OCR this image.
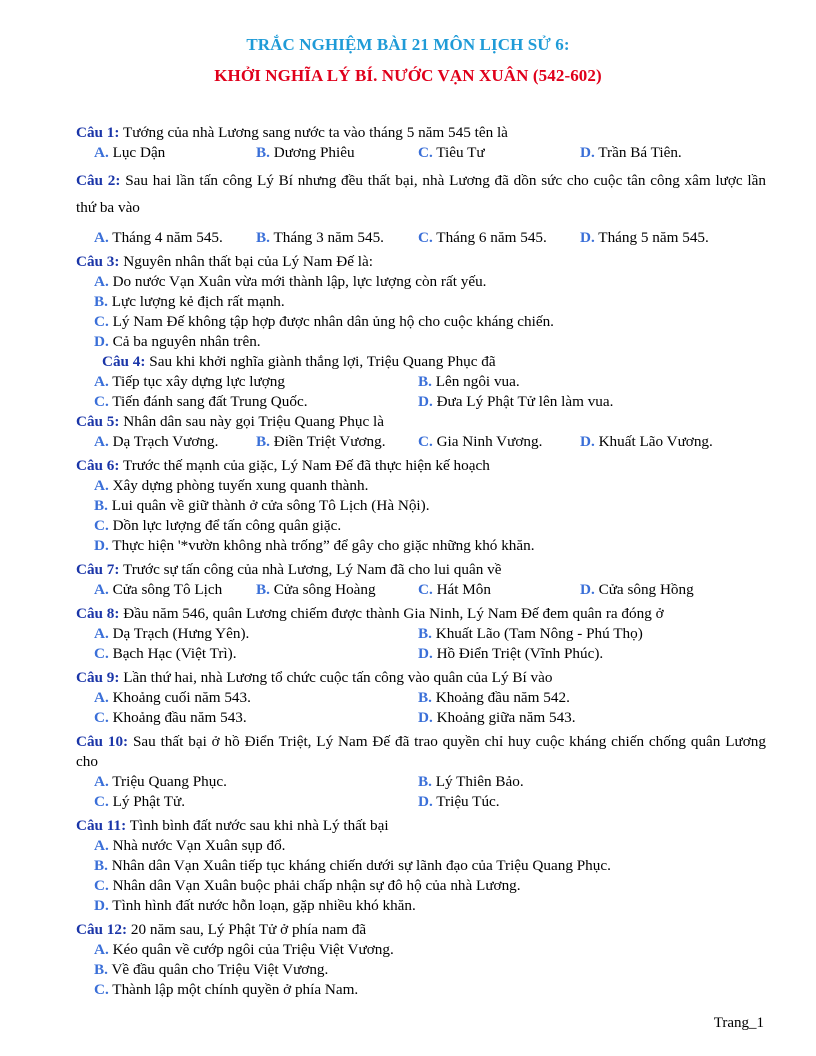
TRẮC NGHIỆM BÀI 21 MÔN LỊCH SỬ 6:
KHỞI NGHĨA LÝ BÍ. NƯỚC VẠN XUÂN (542-602)
Câu 1: Tướng của nhà Lương sang nước ta vào tháng 5 năm 545 tên là
A. Lục Dận	B. Dương Phiêu	C. Tiêu Tư	D. Trần Bá Tiên.
Câu 2: Sau hai lần tấn công Lý Bí nhưng đều thất bại, nhà Lương đã dồn sức cho cuộc tân công xâm lược lần thứ ba vào
A. Tháng 4 năm 545.	B. Tháng 3 năm 545.	C. Tháng 6 năm 545.	D. Tháng 5 năm 545.
Câu 3: Nguyên nhân thất bại của Lý Nam Đế là:
A. Do nước Vạn Xuân vừa mới thành lập, lực lượng còn rất yếu.
B. Lực lượng kẻ địch rất mạnh.
C. Lý Nam Đế không tập hợp được nhân dân ủng hộ cho cuộc kháng chiến.
D. Cả ba nguyên nhân trên.
Câu 4: Sau khi khởi nghĩa giành thắng lợi, Triệu Quang Phục đã
A. Tiếp tục xây dựng lực lượng	B. Lên ngôi vua.
C. Tiến đánh sang đất Trung Quốc.	D. Đưa Lý Phật Tử lên làm vua.
Câu 5: Nhân dân sau này gọi Triệu Quang Phục là
A. Dạ Trạch Vương.	B. Điền Triệt Vương.	C. Gia Ninh Vương.	D. Khuất Lão Vương.
Câu 6: Trước thế mạnh của giặc, Lý Nam Đế đã thực hiện kế hoạch
A. Xây dựng phòng tuyến xung quanh thành.
B. Lui quân về giữ thành ở cửa sông Tô Lịch (Hà Nội).
C. Dồn lực lượng để tấn công quân giặc.
D. Thực hiện '*vườn không nhà trống” để gây cho giặc những khó khăn.
Câu 7: Trước sự tấn công của nhà Lương, Lý Nam đã cho lui quân về
A. Cửa sông Tô Lịch	B. Cửa sông Hoàng	C. Hát Môn	D. Cửa sông Hồng
Câu 8: Đầu năm 546, quân Lương chiếm được thành Gia Ninh, Lý Nam Đế đem quân ra đóng ở
A. Dạ Trạch (Hưng Yên).	B. Khuất Lão (Tam Nông - Phú Thọ)
C. Bạch Hạc (Việt Trì).	D. Hồ Điển Triệt (Vĩnh Phúc).
Câu 9: Lần thứ hai, nhà Lương tổ chức cuộc tấn công vào quân của Lý Bí vào
A. Khoảng cuối năm 543.	B. Khoảng đầu năm 542.
C. Khoảng đầu năm 543.	D. Khoảng giữa năm 543.
Câu 10: Sau thất bại ở hồ Điển Triệt, Lý Nam Đế đã trao quyền chỉ huy cuộc kháng chiến chống quân Lương cho
A. Triệu Quang Phục.	B. Lý Thiên Bảo.
C. Lý Phật Tử.	D. Triệu Túc.
Câu 11: Tình bình đất nước sau khi nhà Lý thất bại
A. Nhà nước Vạn Xuân sụp đổ.
B. Nhân dân Vạn Xuân tiếp tục kháng chiến dưới sự lãnh đạo của Triệu Quang Phục.
C. Nhân dân Vạn Xuân buộc phải chấp nhận sự đô hộ của nhà Lương.
D. Tình hình đất nước hỗn loạn, gặp nhiều khó khăn.
Câu 12: 20 năm sau, Lý Phật Tử ở phía nam đã
A. Kéo quân về cướp ngôi của Triệu Việt Vương.
B. Về đầu quân cho Triệu Việt Vương.
C. Thành lập một chính quyền ở phía Nam.
Trang_1
